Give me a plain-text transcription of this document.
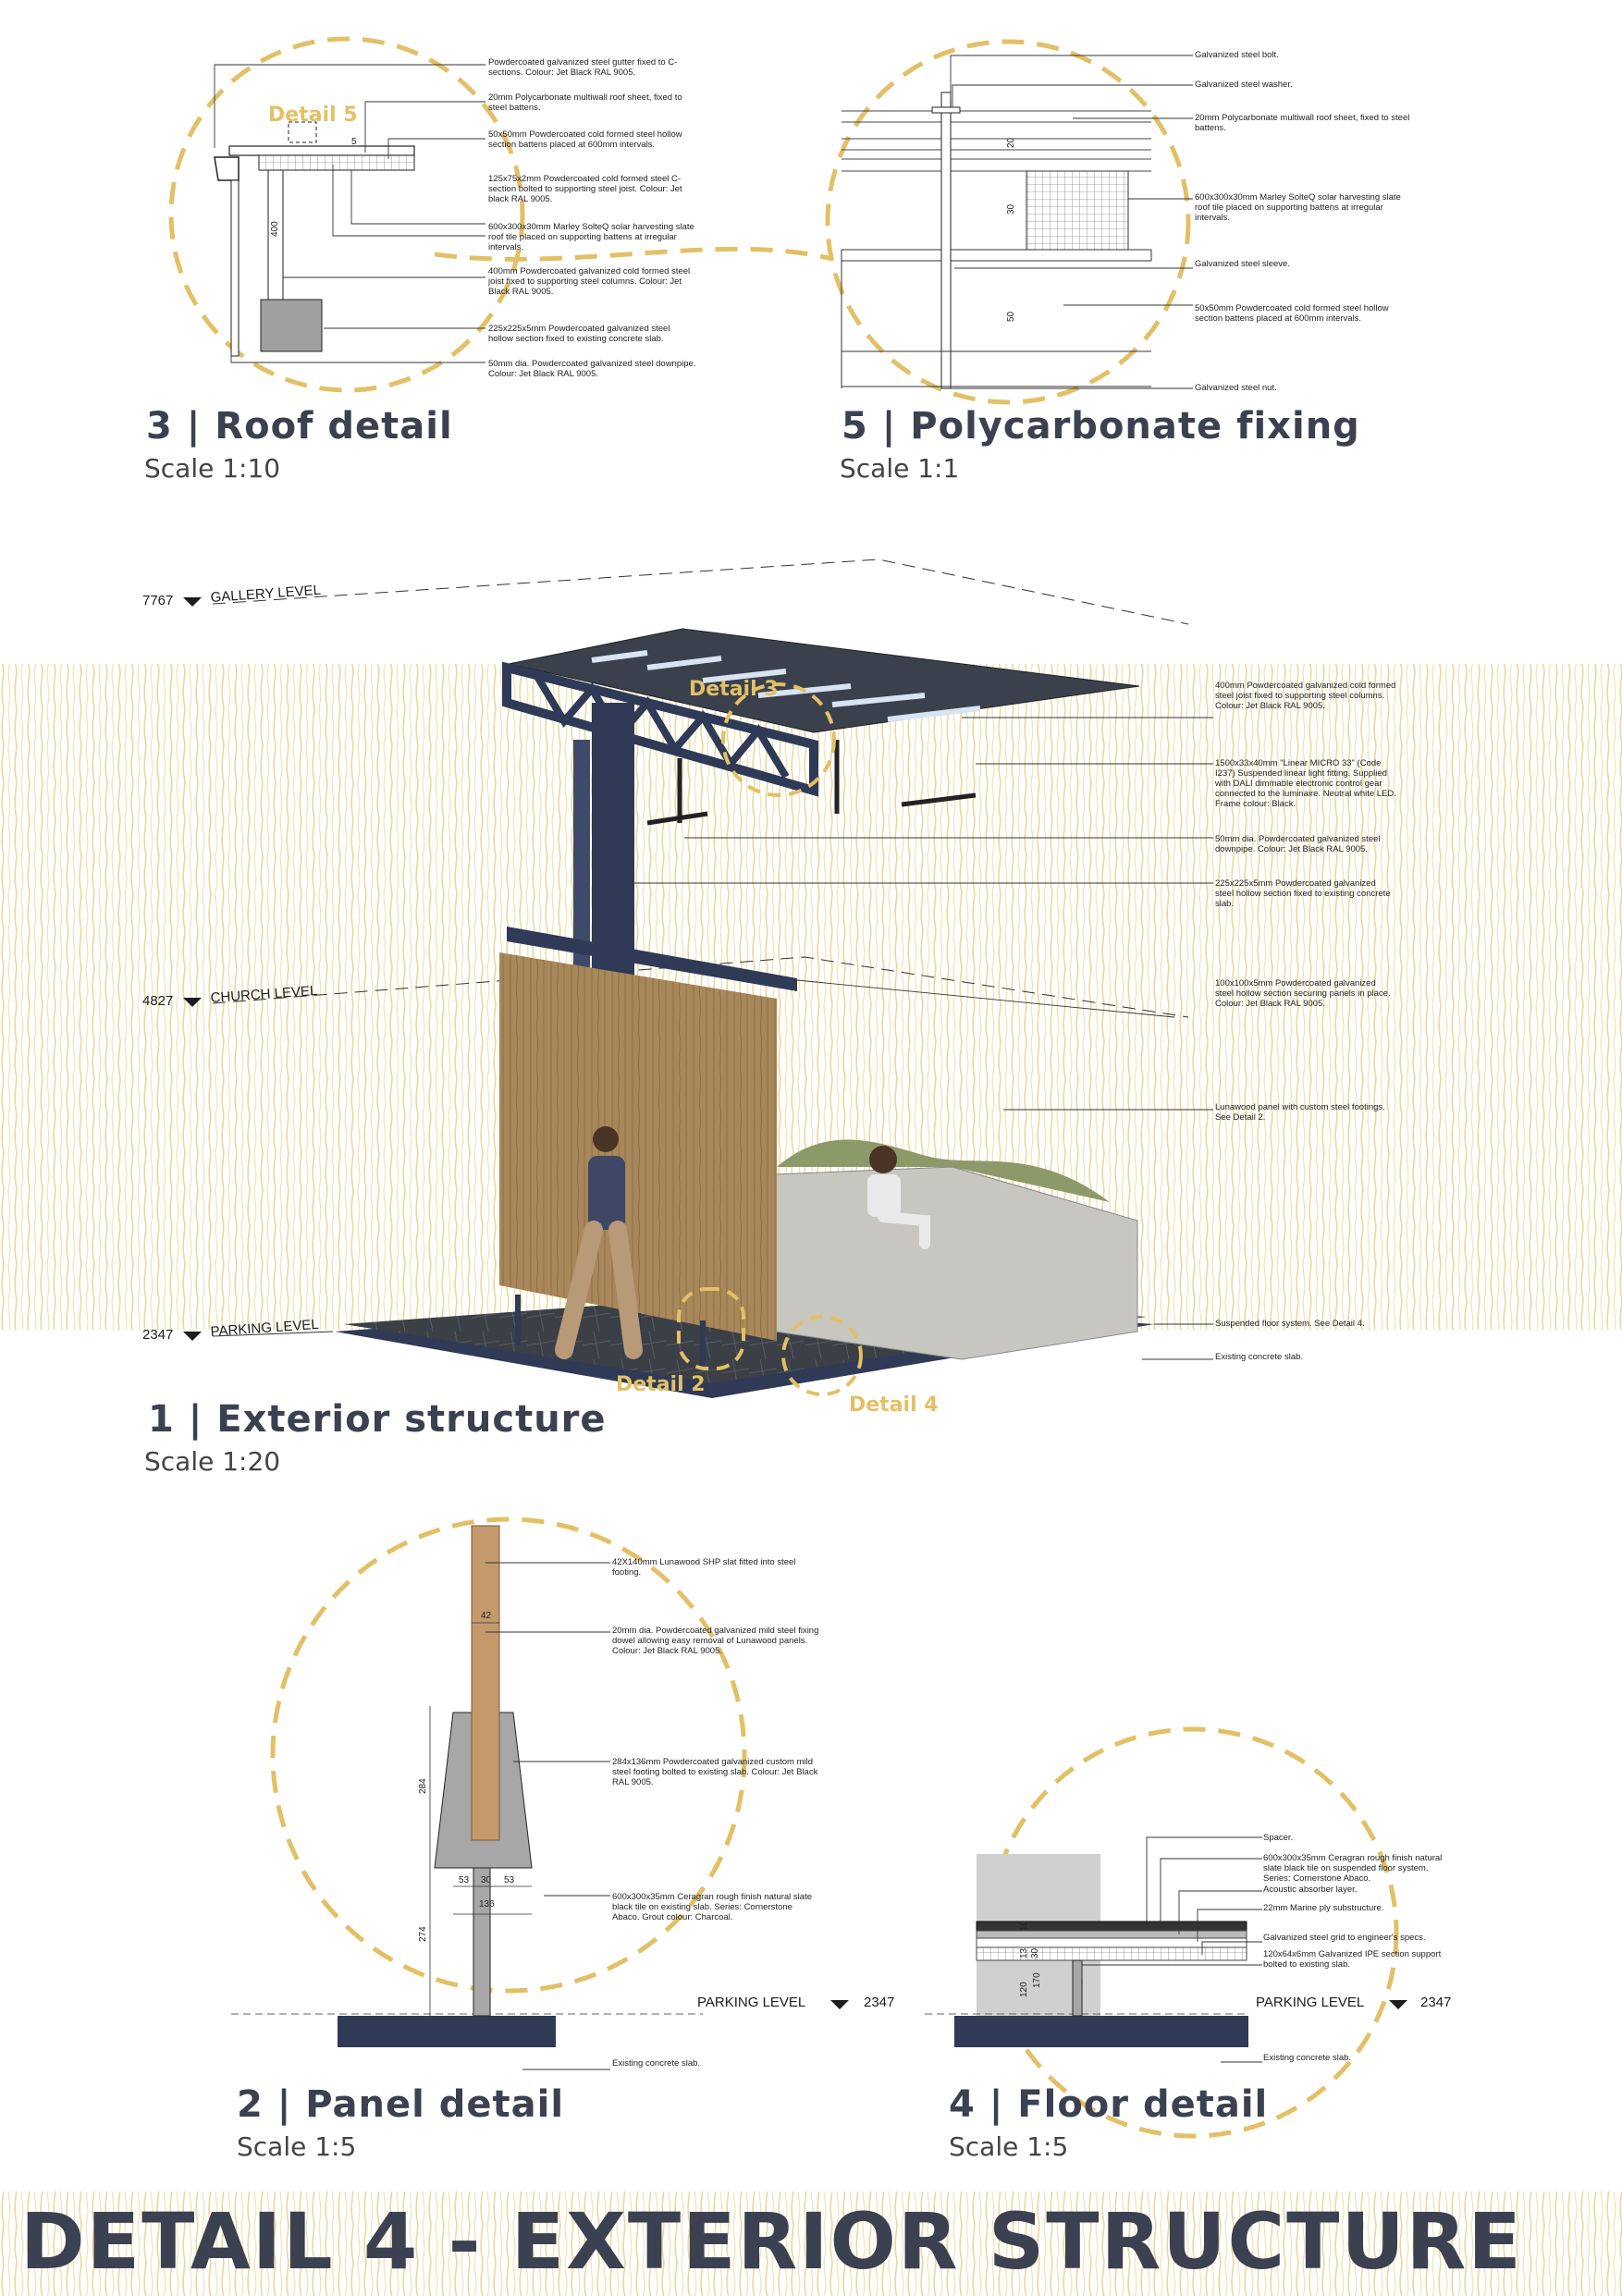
Detail 5
5
400
Powdercoated galvanized steel gutter fixed to C-sections. Colour: Jet Black RAL 9005.
20mm Polycarbonate multiwall roof sheet, fixed to steel battens.
50x50mm Powdercoated cold formed steel hollow section battens placed at 600mm intervals.
125x75x2mm Powdercoated cold formed steel C-section bolted to supporting steel joist. Colour: Jet black RAL 9005.
600x300x30mm Marley SolteQ solar harvesting slate roof tile placed on supporting battens at irregular intervals.
400mm Powdercoated galvanized cold formed steel joist fixed to supporting steel columns. Colour: Jet Black RAL 9005.
225x225x5mm Powdercoated galvanized steel hollow section fixed to existing concrete slab.
50mm dia. Powdercoated galvanized steel downpipe. Colour: Jet Black RAL 9005.
20
30
50
Galvanized steel bolt.
Galvanized steel washer.
20mm Polycarbonate multiwall roof sheet, fixed to steel battens.
600x300x30mm Marley SolteQ solar harvesting slate roof tile placed on supporting battens at irregular intervals.
Galvanized steel sleeve.
50x50mm Powdercoated cold formed steel hollow section battens placed at 600mm intervals.
Galvanized steel nut.
Detail 3
Detail 2
Detail 4
7767	GALLERY LEVEL
4827	CHURCH LEVEL
2347	PARKING LEVEL
400mm Powdercoated galvanized cold formed steel joist fixed to supporting steel columns. Colour: Jet Black RAL 9005.
1500x33x40mm "Linear MICRO 33" (Code I237) Suspended linear light fitting. Supplied with DALI dimmable electronic control gear connected to the luminaire. Neutral white LED. Frame colour: Black.
50mm dia. Powdercoated galvanized steel downpipe. Colour: Jet Black RAL 9005.
225x225x5mm Powdercoated galvanized steel hollow section fixed to existing concrete slab.
100x100x5mm Powdercoated galvanized steel hollow section securing panels in place. Colour: Jet Black RAL 9005.
Lunawood panel with custom steel footings. See Detail 2.
Suspended floor system. See Detail 4.
Existing concrete slab.
42
284
53 30 53
136
274
PARKING LEVEL	2347
42X140mm Lunawood SHP slat fitted into steel footing.
20mm dia. Powdercoated galvanized mild steel fixing dowel allowing easy removal of Lunawood panels. Colour: Jet Black RAL 9005.
284x136mm Powdercoated galvanized custom mild steel footing bolted to existing slab. Colour: Jet Black RAL 9005.
600x300x35mm Ceragran rough finish natural slate black tile on existing slab. Series: Cornerstone Abaco. Grout colour: Charcoal.
Existing concrete slab.
10
13 30
120
170
PARKING LEVEL	2347
Spacer.
600x300x35mm Ceragran rough finish natural slate black tile on suspended floor system. Series: Cornerstone Abaco.
Acoustic absorber layer.
22mm Marine ply substructure.
Galvanized steel grid to engineer's specs.
120x64x6mm Galvanized IPE section support bolted to existing slab.
Existing concrete slab.
3 | Roof detail
Scale 1:10
5 | Polycarbonate fixing
Scale 1:1
1 | Exterior structure
Scale 1:20
2 | Panel detail
Scale 1:5
4 | Floor detail
Scale 1:5
DETAIL 4 - EXTERIOR STRUCTURE
